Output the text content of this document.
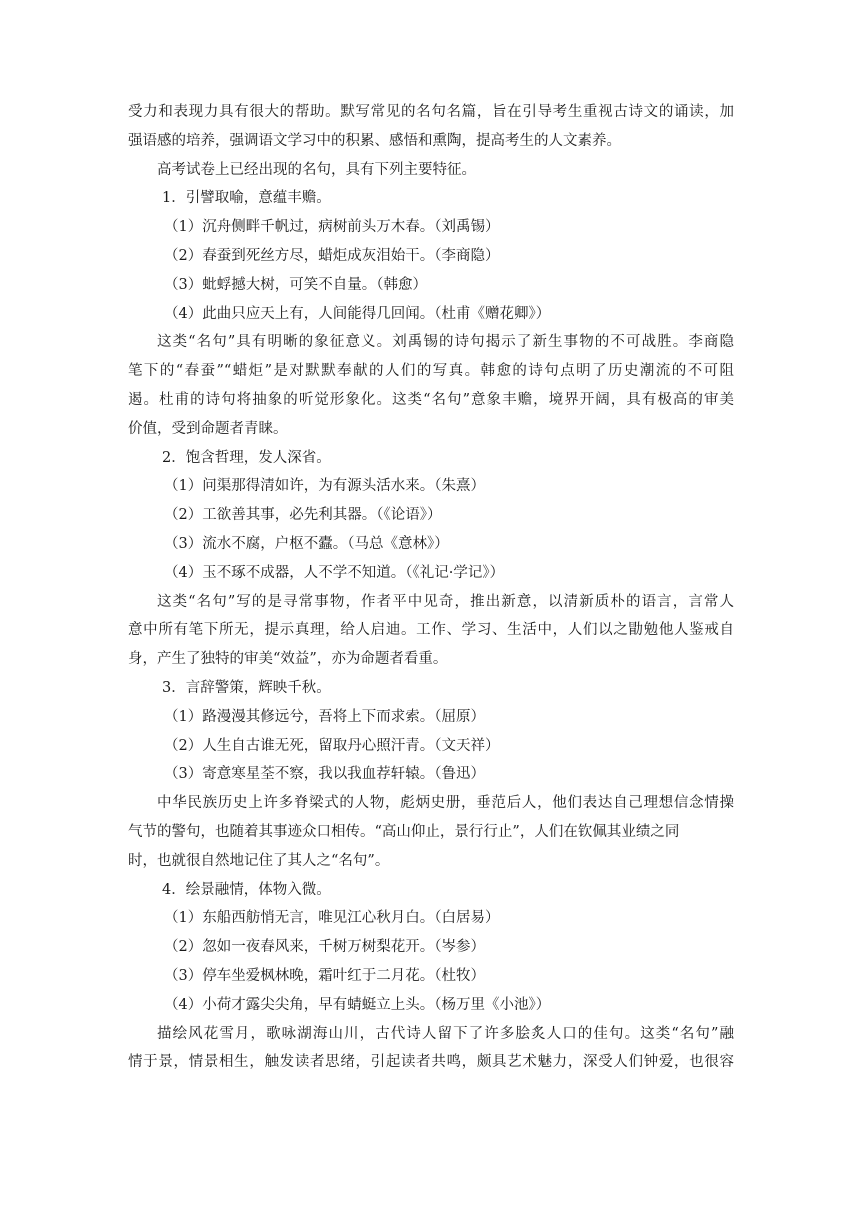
受力和表现力具有很大的帮助。默写常见的名句名篇，旨在引导考生重视古诗文的诵读，加
强语感的培养，强调语文学习中的积累、感悟和熏陶，提高考生的人文素养。
高考试卷上已经出现的名句，具有下列主要特征。
1．引譬取喻，意蕴丰赡。
（1）沉舟侧畔千帆过，病树前头万木春。（刘禹锡）
（2）春蚕到死丝方尽，蜡炬成灰泪始干。（李商隐）
（3）蚍蜉撼大树，可笑不自量。（韩愈）
（4）此曲只应天上有，人间能得几回闻。（杜甫《赠花卿》）
这类“名句”具有明晰的象征意义。刘禹锡的诗句揭示了新生事物的不可战胜。李商隐
笔下的“春蚕”“蜡炬”是对默默奉献的人们的写真。韩愈的诗句点明了历史潮流的不可阻
遏。杜甫的诗句将抽象的听觉形象化。这类“名句”意象丰赡，境界开阔，具有极高的审美
价值，受到命题者青睐。
2．饱含哲理，发人深省。
（1）问渠那得清如许，为有源头活水来。（朱熹）
（2）工欲善其事，必先利其器。（《论语》）
（3）流水不腐，户枢不蠹。（马总《意林》）
（4）玉不琢不成器，人不学不知道。（《礼记·学记》）
这类“名句”写的是寻常事物，作者平中见奇，推出新意，以清新质朴的语言，言常人
意中所有笔下所无，提示真理，给人启迪。工作、学习、生活中，人们以之勖勉他人鉴戒自
身，产生了独特的审美“效益”，亦为命题者看重。
3．言辞警策，辉映千秋。
（1）路漫漫其修远兮，吾将上下而求索。（屈原）
（2）人生自古谁无死，留取丹心照汗青。（文天祥）
（3）寄意寒星荃不察，我以我血荐轩辕。（鲁迅）
中华民族历史上许多脊梁式的人物，彪炳史册，垂范后人，他们表达自己理想信念情操
气节的警句，也随着其事迹众口相传。“高山仰止，景行行止”，人们在钦佩其业绩之同
时，也就很自然地记住了其人之“名句”。
4．绘景融情，体物入微。
（1）东船西舫悄无言，唯见江心秋月白。（白居易）
（2）忽如一夜春风来，千树万树梨花开。（岑参）
（3）停车坐爱枫林晚，霜叶红于二月花。（杜牧）
（4）小荷才露尖尖角，早有蜻蜓立上头。（杨万里《小池》）
描绘风花雪月，歌咏湖海山川，古代诗人留下了许多脍炙人口的佳句。这类“名句”融
情于景，情景相生，触发读者思绪，引起读者共鸣，颇具艺术魅力，深受人们钟爱，也很容
